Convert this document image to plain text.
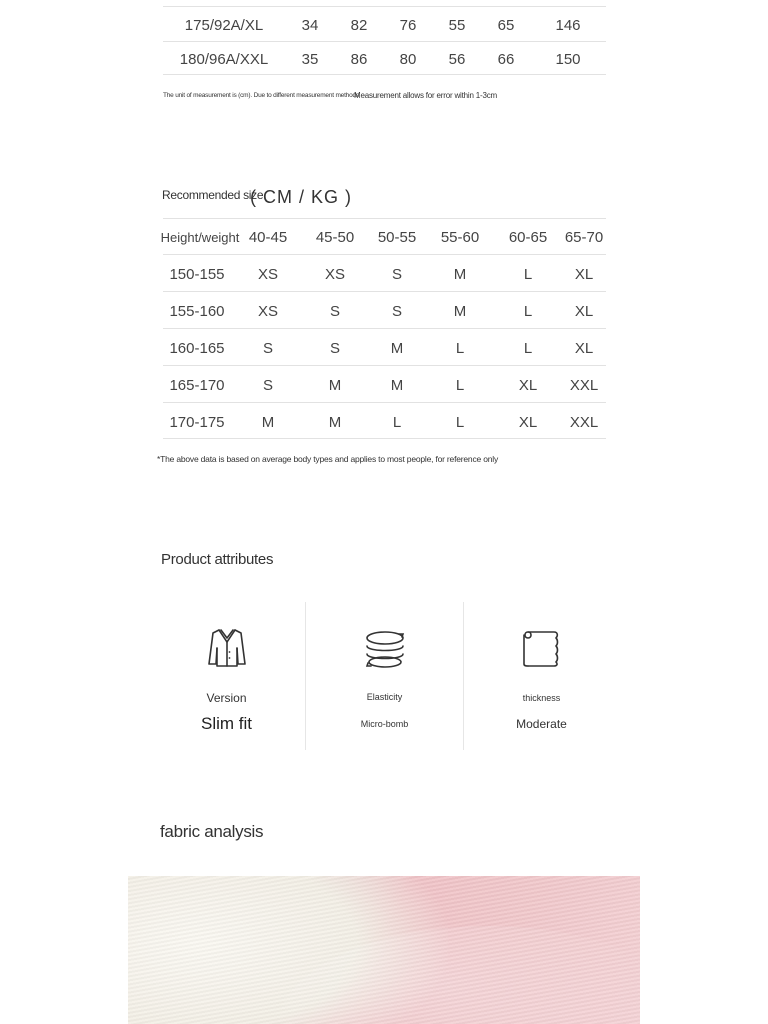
175/92A/XL	34 82 76 55 65	146
180/96A/XXL 35 86 80 56 66	150
The unit of measurement is (cm). Due to different measurement methods
Measurement allows for error within 1-3cm
Recommended size
( CM / KG )
Height/weight 40-45 45-50 50-55 55-60 60-65 65-70
150-155 XS	XS	S	M	L	XL
155-160 XS	S	S	M	L	XL
160-165	S	S	M	L	L	XL
165-170	S	M	M	L	XL XXL
170-175 M	M	L	L	XL XXL
*The above data is based on average body types and applies to most people, for reference only
Product attributes
Version
Slim fit
Elasticity
Micro-bomb
thickness
Moderate
fabric analysis
